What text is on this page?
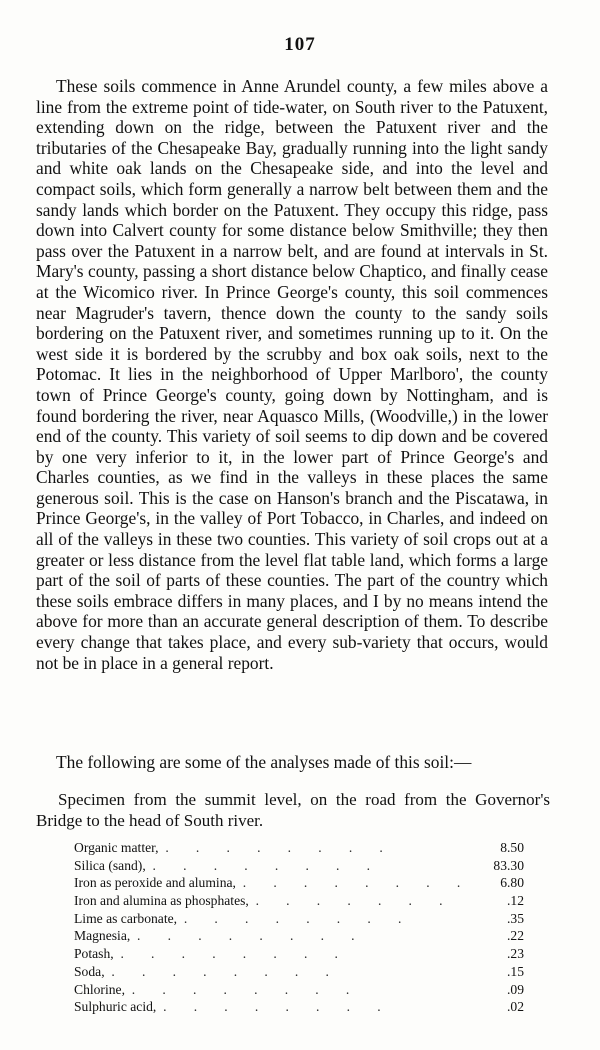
107

These soils commence in Anne Arundel county, a few miles above a line from the extreme point of tide-water, on South river to the Patuxent, extending down on the ridge, between the Patuxent river and the tributaries of the Chesapeake Bay, gradually running into the light sandy and white oak lands on the Chesapeake side, and into the level and compact soils, which form generally a narrow belt between them and the sandy lands which border on the Patuxent. They occupy this ridge, pass down into Calvert county for some distance below Smithville; they then pass over the Patuxent in a narrow belt, and are found at intervals in St. Mary's county, passing a short distance below Chaptico, and finally cease at the Wicomico river. In Prince George's county, this soil commences near Magruder's tavern, thence down the county to the sandy soils bordering on the Patuxent river, and sometimes running up to it. On the west side it is bordered by the scrubby and box oak soils, next to the Potomac. It lies in the neighborhood of Upper Marlboro', the county town of Prince George's county, going down by Nottingham, and is found bordering the river, near Aquasco Mills, (Woodville,) in the lower end of the county. This variety of soil seems to dip down and be covered by one very inferior to it, in the lower part of Prince George's and Charles counties, as we find in the valleys in these places the same generous soil. This is the case on Hanson's branch and the Piscatawa, in Prince George's, in the valley of Port Tobacco, in Charles, and indeed on all of the valleys in these two counties. This variety of soil crops out at a greater or less distance from the level flat table land, which forms a large part of the soil of parts of these counties. The part of the country which these soils embrace differs in many places, and I by no means intend the above for more than an accurate general description of them. To describe every change that takes place, and every sub-variety that occurs, would not be in place in a general report.

The following are some of the analyses made of this soil:—

Specimen from the summit level, on the road from the Governor's Bridge to the head of South river.

Organic matter, .	8.50
Silica (sand), .	83.30
Iron as peroxide and alumina, .	6.80
Iron and alumina as phosphates, .	.12
Lime as carbonate, .	.35
Magnesia, .	.22
Potash, .	.23
Soda, .	.15
Chlorine, .	.09
Sulphuric acid, .	.02
